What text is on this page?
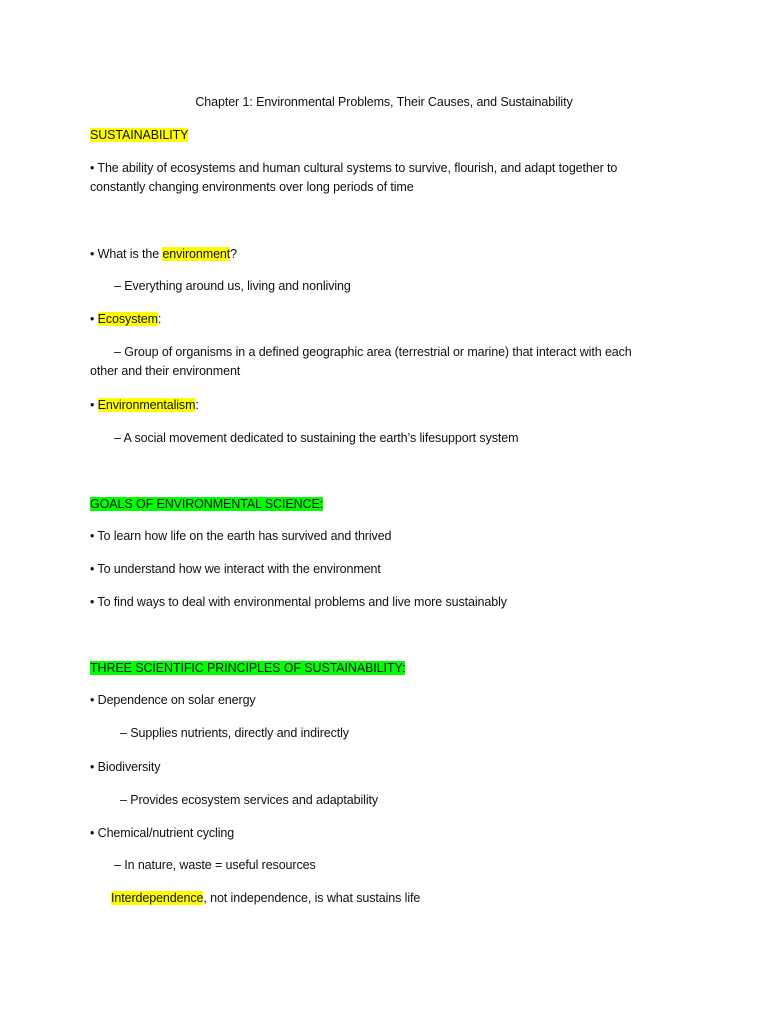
Chapter 1: Environmental Problems, Their Causes, and Sustainability
SUSTAINABILITY
• The ability of ecosystems and human cultural systems to survive, flourish, and adapt together to
constantly changing environments over long periods of time
• What is the environment?
– Everything around us, living and nonliving
• Ecosystem:
– Group of organisms in a defined geographic area (terrestrial or marine) that interact with each
other and their environment
• Environmentalism:
– A social movement dedicated to sustaining the earth’s lifesupport system
GOALS OF ENVIRONMENTAL SCIENCE:
• To learn how life on the earth has survived and thrived
• To understand how we interact with the environment
• To find ways to deal with environmental problems and live more sustainably
THREE SCIENTIFIC PRINCIPLES OF SUSTAINABILITY:
• Dependence on solar energy
– Supplies nutrients, directly and indirectly
• Biodiversity
– Provides ecosystem services and adaptability
• Chemical/nutrient cycling
– In nature, waste = useful resources
Interdependence, not independence, is what sustains life
